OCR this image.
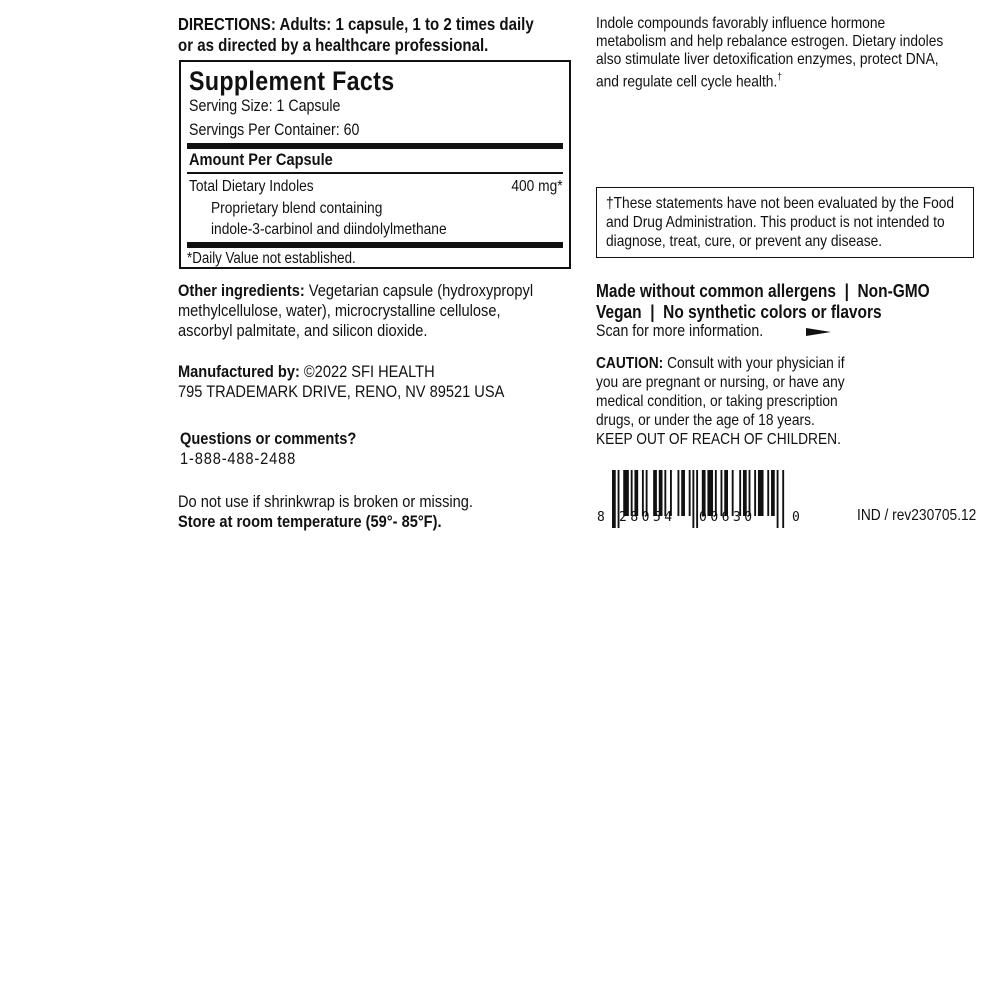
DIRECTIONS: Adults: 1 capsule, 1 to 2 times daily
or as directed by a healthcare professional.
Supplement Facts
Serving Size: 1 Capsule
Servings Per Container: 60
Amount Per Capsule
Total Dietary Indoles	400 mg*
Proprietary blend containing
indole-3-carbinol and diindolylmethane
*Daily Value not established.
Other ingredients: Vegetarian capsule (hydroxypropyl
methylcellulose, water), microcrystalline cellulose,
ascorbyl palmitate, and silicon dioxide.
Manufactured by: ©2022 SFI HEALTH
795 TRADEMARK DRIVE, RENO, NV 89521 USA
Questions or comments?
1-888-488-2488
Do not use if shrinkwrap is broken or missing.
Store at room temperature (59°- 85°F).
Indole compounds favorably influence hormone
metabolism and help rebalance estrogen. Dietary indoles
also stimulate liver detoxification enzymes, protect DNA,
and regulate cell cycle health.†
†These statements have not been evaluated by the Food
and Drug Administration. This product is not intended to
diagnose, treat, cure, or prevent any disease.
Made without common allergens  |  Non-GMO
Vegan  |  No synthetic colors or flavors
Scan for more information.
CAUTION: Consult with your physician if
you are pregnant or nursing, or have any
medical condition, or taking prescription
drugs, or under the age of 18 years.
KEEP OUT OF REACH OF CHILDREN.
8 28054 00630	0	IND / rev230705.12
